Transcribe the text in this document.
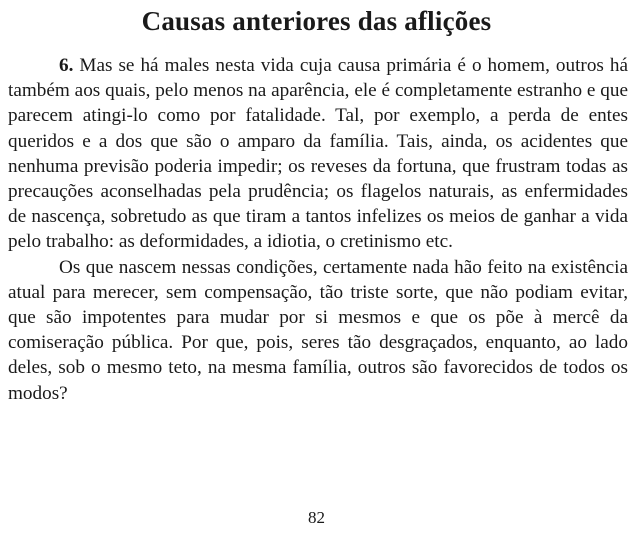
Causas anteriores das aflições

6. Mas se há males nesta vida cuja causa primária é o homem, outros há também aos quais, pelo menos na aparência, ele é completamente estranho e que parecem atingi-lo como por fatalidade. Tal, por exemplo, a perda de entes queridos e a dos que são o amparo da família. Tais, ainda, os acidentes que nenhuma previsão poderia impedir; os reveses da fortuna, que frustram todas as precauções aconselhadas pela prudência; os flagelos naturais, as enfermidades de nascença, sobretudo as que tiram a tantos infelizes os meios de ganhar a vida pelo trabalho: as deformidades, a idiotia, o cretinismo etc.

Os que nascem nessas condições, certamente nada hão feito na existência atual para merecer, sem compensação, tão triste sorte, que não podiam evitar, que são impotentes para mudar por si mesmos e que os põe à mercê da comiseração pública. Por que, pois, seres tão desgraçados, enquanto, ao lado deles, sob o mesmo teto, na mesma família, outros são favorecidos de todos os modos?

82
